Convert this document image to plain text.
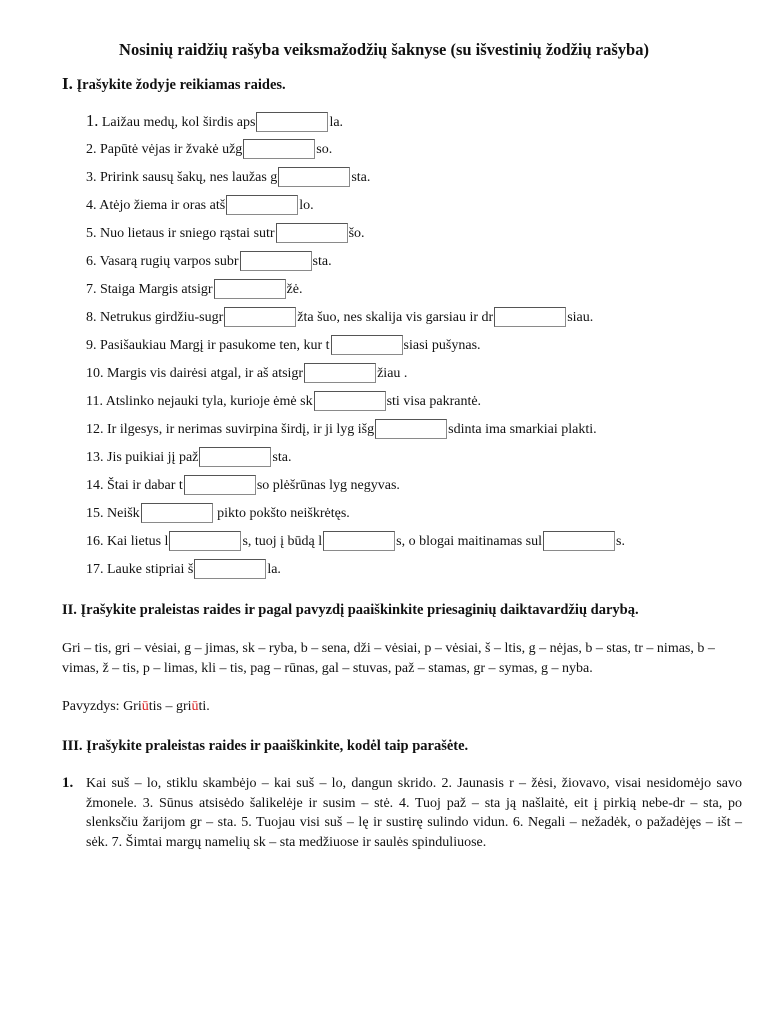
Nosinių raidžių rašyba veiksmažodžių šaknyse (su išvestinių žodžių rašyba)
I. Įrašykite žodyje reikiamas raides.
1. Laižau medų, kol širdis aps	la.
2. Papūtė vėjas ir žvakė užg	so.
3. Prirink sausų šakų, nes laužas g	sta.
4. Atėjo žiema ir oras atš	lo.
5. Nuo lietaus ir sniego rąstai sutr	šo.
6. Vasarą rugių varpos subr	sta.
7. Staiga Margis atsigr	žė.
8. Netrukus girdžiu-sugr	žta šuo, nes skalija vis garsiau ir dr	siau.
9. Pasišaukiau Margį ir pasukome ten, kur t	siasi pušynas.
10. Margis vis dairėsi atgal, ir aš atsigr	žiau .
11. Atslinko nejauki tyla, kurioje ėmė sk	sti visa pakrantė.
12. Ir ilgesys, ir nerimas suvirpina širdį, ir ji lyg išg	sdinta ima smarkiai plakti.
13. Jis puikiai jį paž	sta.
14. Štai ir dabar t	so plėšrūnas lyg negyvas.
15. Neišk	pikto pokšto neiškrėtęs.
16. Kai lietus l	s, tuoj į būdą l	s, o blogai maitinamas sul	s.
17. Lauke stipriai š	la.
II. Įrašykite praleistas raides ir pagal pavyzdį paaiškinkite priesaginių daiktavardžių darybą.
Gri – tis, gri – vėsiai, g – jimas, sk – ryba, b – sena, dži – vėsiai, p – vėsiai, š – ltis, g – nėjas, b – stas, tr – nimas, b – vimas, ž – tis, p – limas, kli – tis, pag – rūnas, gal – stuvas, paž – stamas, gr – symas, g – nyba.
Pavyzdys: Griūtis – griūti.
III. Įrašykite praleistas raides ir paaiškinkite, kodėl taip parašėte.
1. Kai suš – lo, stiklu skambėjo – kai suš – lo, dangun skrido. 2. Jaunasis r – žėsi, žiovavo, visai nesidomėjo savo žmonele. 3. Sūnus atsisėdo šalikelėje ir susim – stė. 4. Tuoj paž – sta ją našlaitė, eit į pirkią nebe-dr – sta, po slenksčiu žarijom gr – sta. 5. Tuojau visi suš – lę ir sustirę sulindo vidun. 6. Negali – nežadėk, o pažadėjęs – išt – sėk. 7. Šimtai margų namelių sk – sta medžiuose ir saulės spinduliuose.
